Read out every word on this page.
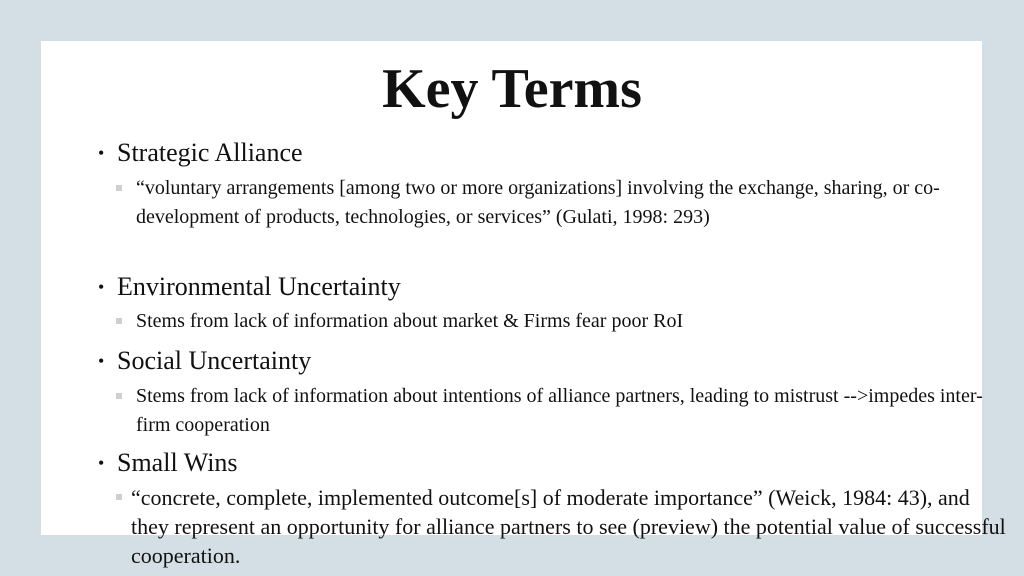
Key Terms
• Strategic Alliance
“voluntary arrangements [among two or more organizations] involving the exchange, sharing, or co-development of products, technologies, or services” (Gulati, 1998: 293)
• Environmental Uncertainty
Stems from lack of information about market & Firms fear poor RoI
• Social Uncertainty
Stems from lack of information about intentions of alliance partners, leading to mistrust -->impedes inter-firm cooperation
• Small Wins
“concrete, complete, implemented outcome[s] of moderate importance” (Weick, 1984: 43), and they represent an opportunity for alliance partners to see (preview) the potential value of successful cooperation.
